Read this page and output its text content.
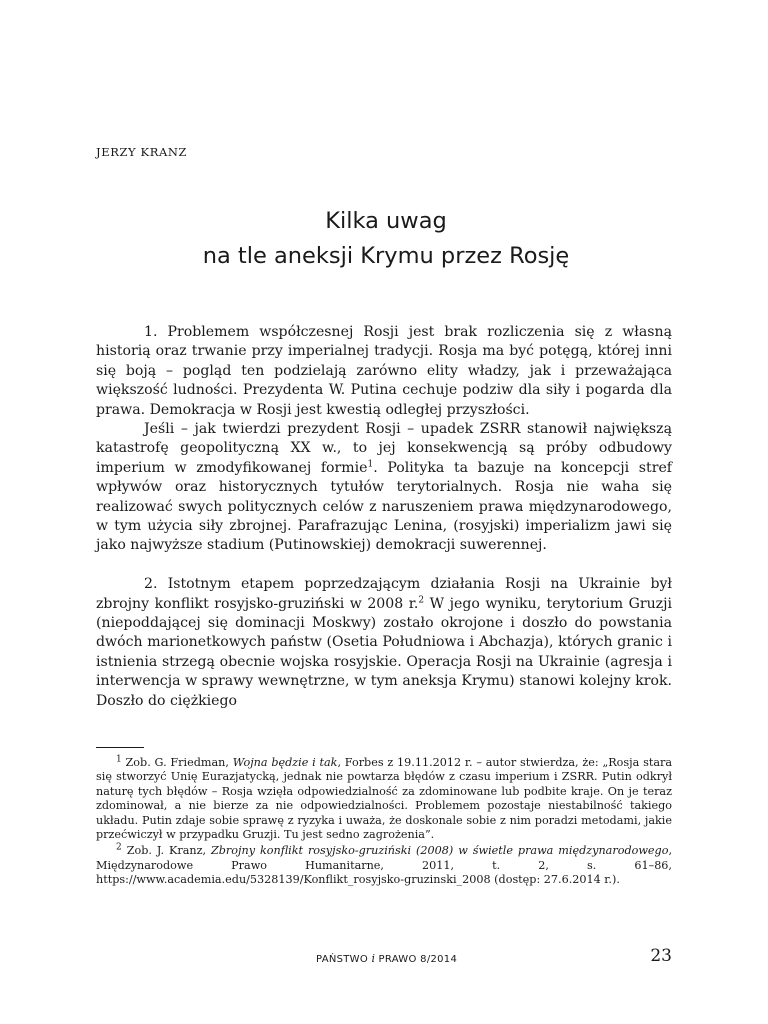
JERZY KRANZ

Kilka uwag
na tle aneksji Krymu przez Rosję

1. Problemem współczesnej Rosji jest brak rozliczenia się z własną historią oraz trwanie przy imperialnej tradycji. Rosja ma być potęgą, której inni się boją – pogląd ten podzielają zarówno elity władzy, jak i przeważająca większość ludności. Prezydenta W. Putina cechuje podziw dla siły i pogarda dla prawa. Demokracja w Rosji jest kwestią odległej przyszłości.

Jeśli – jak twierdzi prezydent Rosji – upadek ZSRR stanowił największą katastrofę geopolityczną XX w., to jej konsekwencją są próby odbudowy imperium w zmodyfikowanej formie$^1$. Polityka ta bazuje na koncepcji stref wpływów oraz historycznych tytułów terytorialnych. Rosja nie waha się realizować swych politycznych celów z naruszeniem prawa międzynarodowego, w tym użycia siły zbrojnej. Parafrazując Lenina, (rosyjski) imperializm jawi się jako najwyższe stadium (Putinowskiej) demokracji suwerennej.

2. Istotnym etapem poprzedzającym działania Rosji na Ukrainie był zbrojny konflikt rosyjsko-gruziński w 2008 r.$^2$ W jego wyniku, terytorium Gruzji (niepoddającej się dominacji Moskwy) zostało okrojone i doszło do powstania dwóch marionetkowych państw (Osetia Południowa i Abchazja), których granic i istnienia strzegą obecnie wojska rosyjskie. Operacja Rosji na Ukrainie (agresja i interwencja w sprawy wewnętrzne, w tym aneksja Krymu) stanowi kolejny krok. Doszło do ciężkiego

$^1$ Zob. G. Friedman, Wojna będzie i tak, Forbes z 19.11.2012 r. – autor stwierdza, że: „Rosja stara się stworzyć Unię Eurazjatycką, jednak nie powtarza błędów z czasu imperium i ZSRR. Putin odkrył naturę tych błędów – Rosja wzięła odpowiedzialność za zdominowane lub podbite kraje. On je teraz zdominował, a nie bierze za nie odpowiedzialności. Problemem pozostaje niestabilność takiego układu. Putin zdaje sobie sprawę z ryzyka i uważa, że doskonale sobie z nim poradzi metodami, jakie przećwiczył w przypadku Gruzji. Tu jest sedno zagrożenia”.

$^2$ Zob. J. Kranz, Zbrojny konflikt rosyjsko-gruziński (2008) w świetle prawa międzynarodowego, Międzynarodowe Prawo Humanitarne, 2011, t. 2, s. 61–86, https://www.academia.edu/5328139/Konflikt_rosyjsko-gruzinski_2008 (dostęp: 27.6.2014 r.).

PAŃSTWO i PRAWO 8/2014	23
